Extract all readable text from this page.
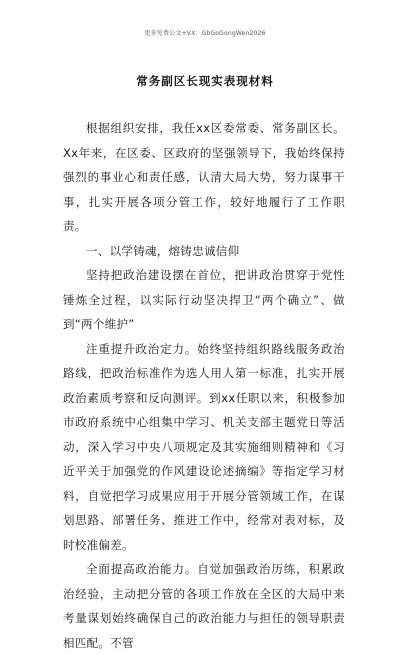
更多免费公文+VX：GbGoGongWen2026
常务副区长现实表现材料

根据组织安排，我任xx区委常委、常务副区长。Xx年来，在区委、区政府的坚强领导下，我始终保持强烈的事业心和责任感，认清大局大势，努力谋事干事，扎实开展各项分管工作，较好地履行了工作职责。

一、以学铸魂，熔铸忠诚信仰

坚持把政治建设摆在首位，把讲政治贯穿于党性锤炼全过程，以实际行动坚决捍卫“两个确立”、做到“两个维护”

注重提升政治定力。始终坚持组织路线服务政治路线，把政治标准作为选人用人第一标准，扎实开展政治素质考察和反向测评。到xx任职以来，积极参加市政府系统中心组集中学习、机关支部主题党日等活动，深入学习中央八项规定及其实施细则精神和《习近平关于加强党的作风建设论述摘编》等指定学习材料，自觉把学习成果应用于开展分管领域工作，在谋划思路、部署任务、推进工作中，经常对表对标，及时校准偏差。

全面提高政治能力。自觉加强政治历练，积累政治经验，主动把分管的各项工作放在全区的大局中来考量谋划始终确保自己的政治能力与担任的领导职责相匹配。不管
